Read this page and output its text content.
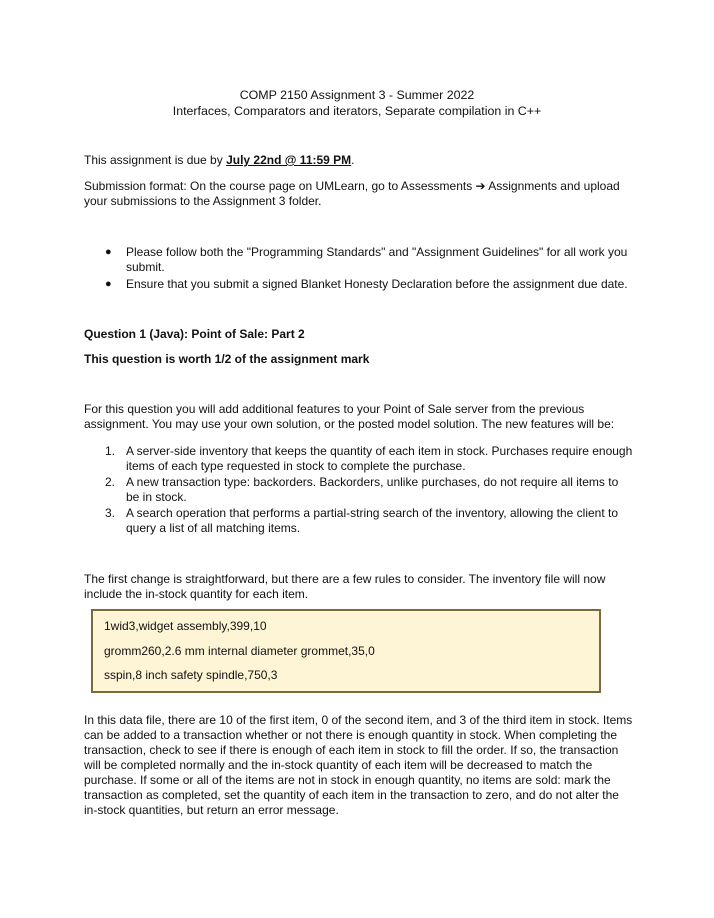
COMP 2150 Assignment 3 - Summer 2022
Interfaces, Comparators and iterators, Separate compilation in C++
This assignment is due by July 22nd @ 11:59 PM.
Submission format: On the course page on UMLearn, go to Assessments ➔ Assignments and upload your submissions to the Assignment 3 folder.
● Please follow both the "Programming Standards" and "Assignment Guidelines" for all work you submit.
● Ensure that you submit a signed Blanket Honesty Declaration before the assignment due date.
Question 1 (Java): Point of Sale: Part 2
This question is worth 1/2 of the assignment mark
For this question you will add additional features to your Point of Sale server from the previous assignment. You may use your own solution, or the posted model solution. The new features will be:
1. A server-side inventory that keeps the quantity of each item in stock. Purchases require enough items of each type requested in stock to complete the purchase.
2. A new transaction type: backorders. Backorders, unlike purchases, do not require all items to be in stock.
3. A search operation that performs a partial-string search of the inventory, allowing the client to query a list of all matching items.
The first change is straightforward, but there are a few rules to consider. The inventory file will now include the in-stock quantity for each item.
1wid3,widget assembly,399,10
gromm260,2.6 mm internal diameter grommet,35,0
sspin,8 inch safety spindle,750,3
In this data file, there are 10 of the first item, 0 of the second item, and 3 of the third item in stock. Items can be added to a transaction whether or not there is enough quantity in stock. When completing the transaction, check to see if there is enough of each item in stock to fill the order. If so, the transaction will be completed normally and the in-stock quantity of each item will be decreased to match the purchase. If some or all of the items are not in stock in enough quantity, no items are sold: mark the transaction as completed, set the quantity of each item in the transaction to zero, and do not alter the in-stock quantities, but return an error message.
